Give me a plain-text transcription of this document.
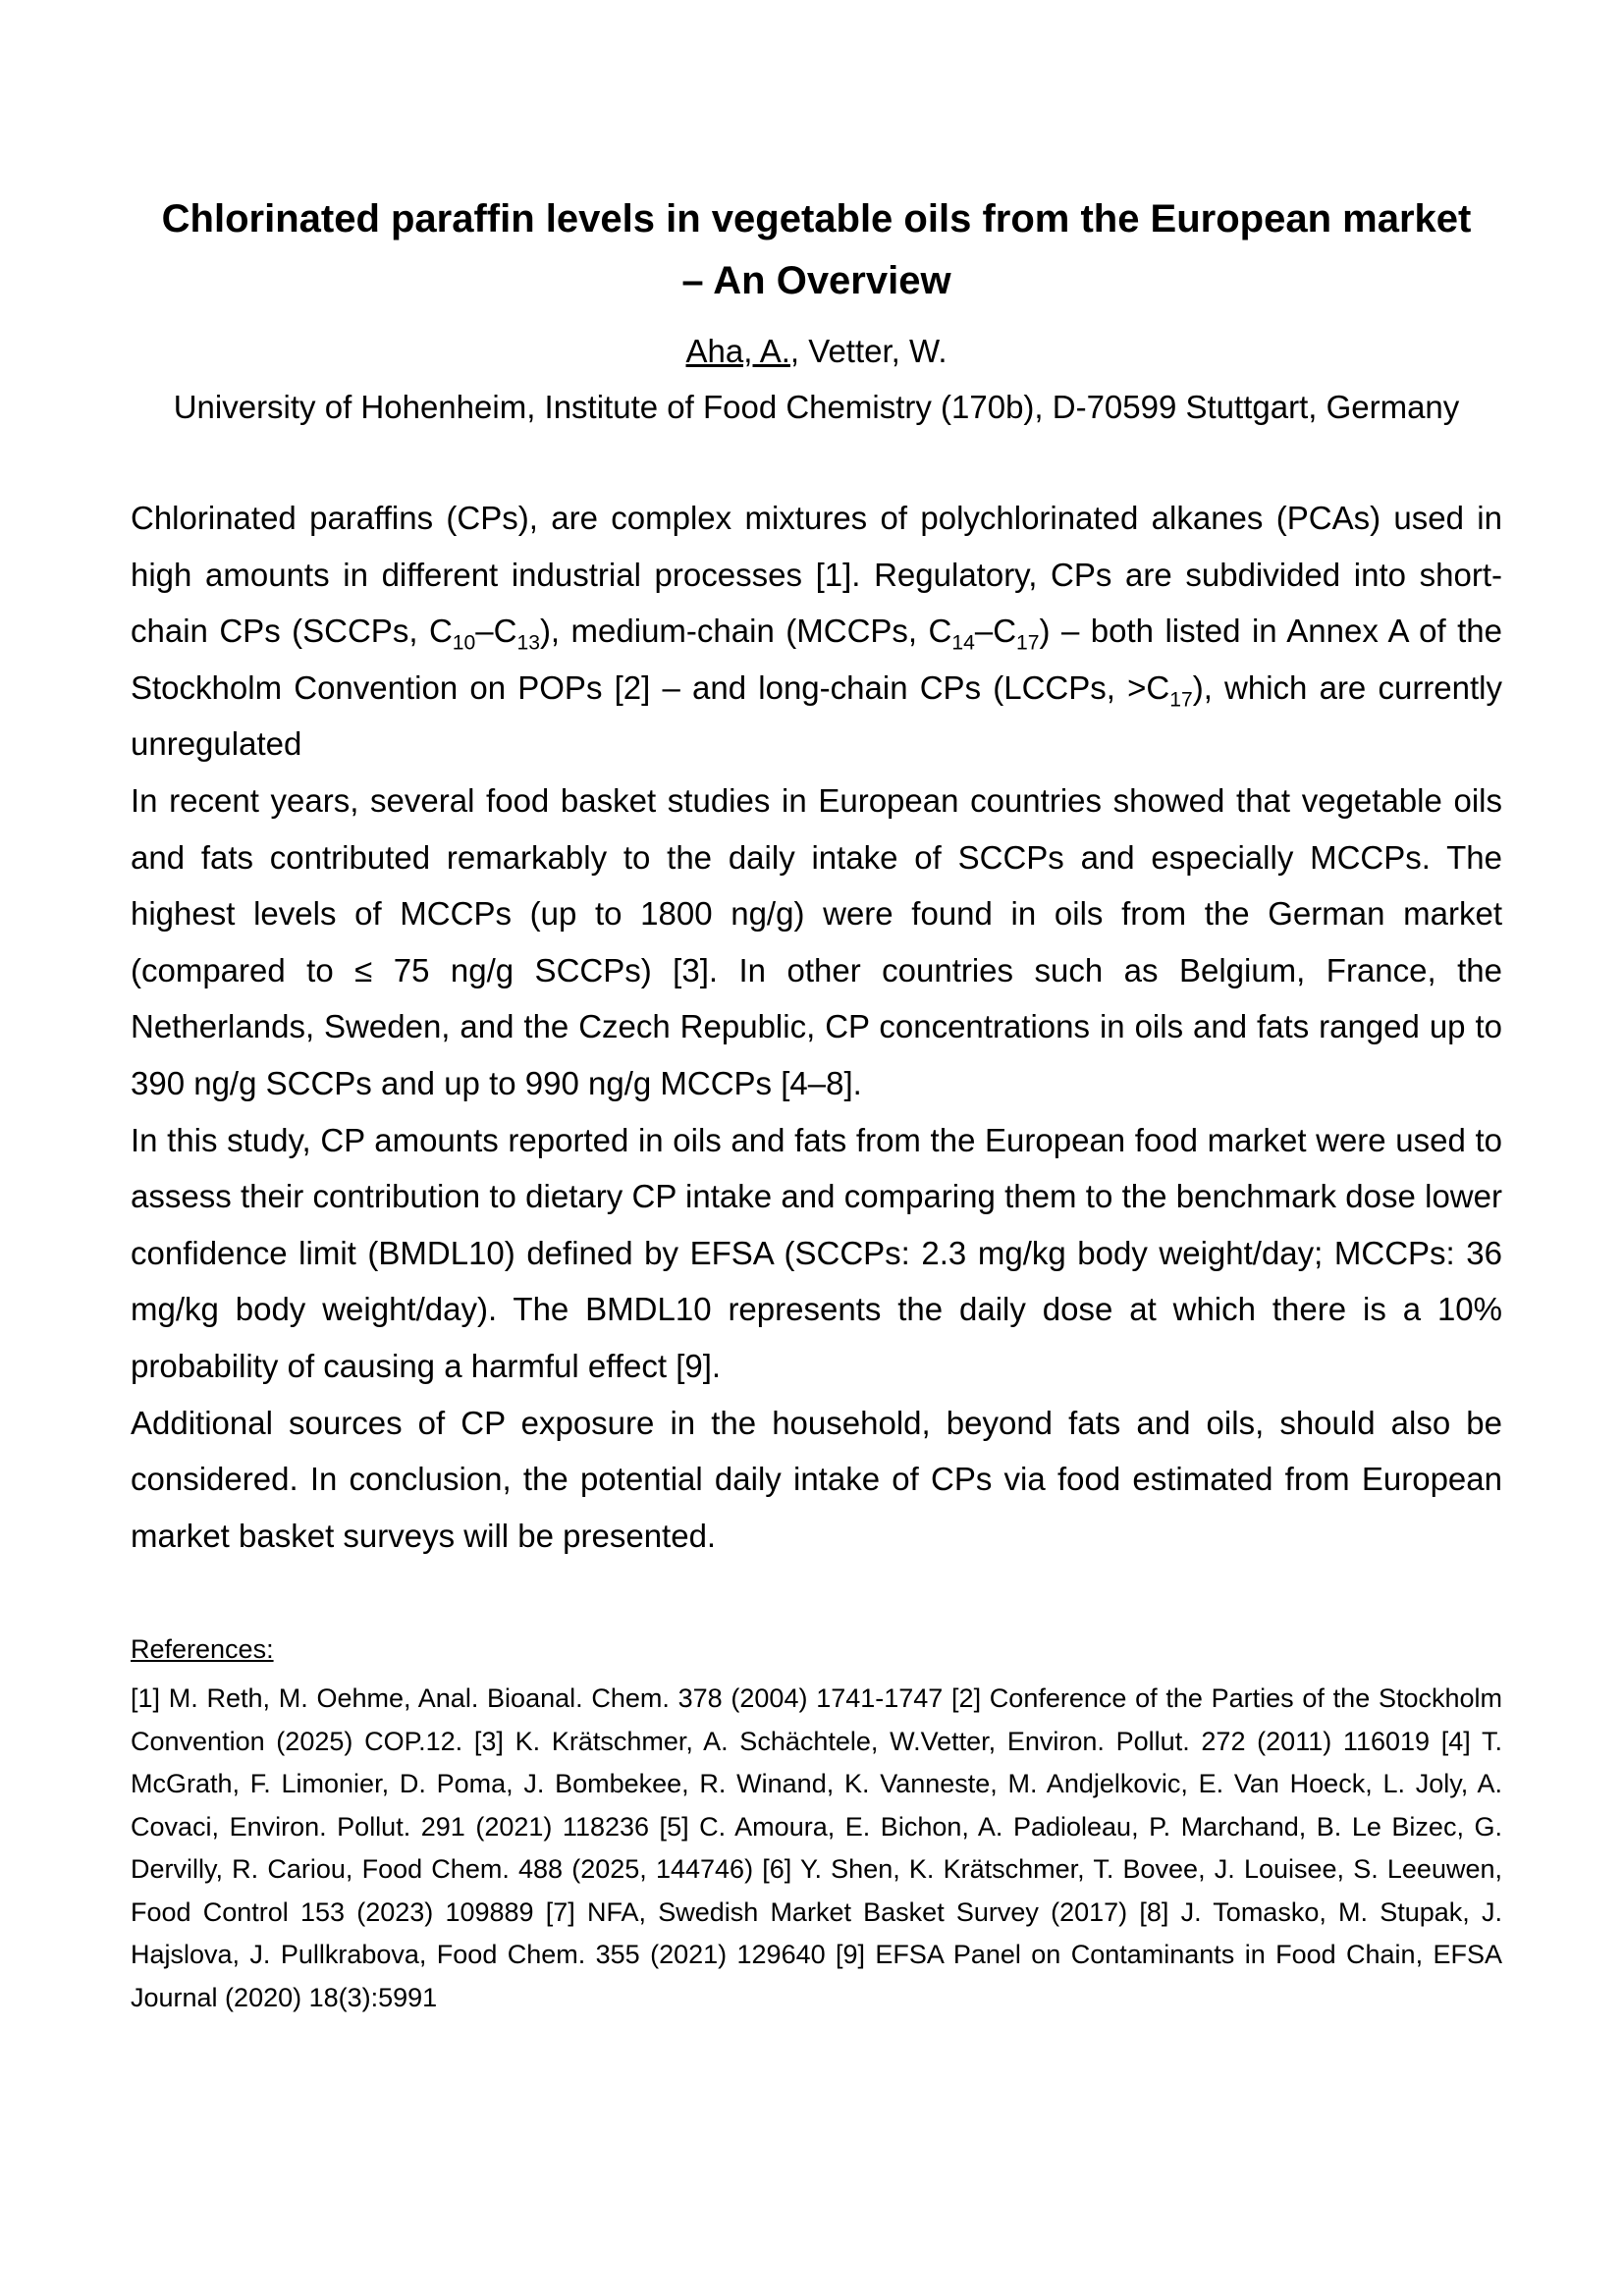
Chlorinated paraffin levels in vegetable oils from the European market
– An Overview
Aha, A., Vetter, W.
University of Hohenheim, Institute of Food Chemistry (170b), D-70599 Stuttgart, Germany

Chlorinated paraffins (CPs), are complex mixtures of polychlorinated alkanes (PCAs) used in high amounts in different industrial processes [1]. Regulatory, CPs are subdivided into short-chain CPs (SCCPs, $C_{10}-C_{13}$), medium-chain (MCCPs, $C_{14}-C_{17}$) – both listed in Annex A of the Stockholm Convention on POPs [2] – and long-chain CPs (LCCPs, $>C_{17}$), which are currently unregulated

In recent years, several food basket studies in European countries showed that vegetable oils and fats contributed remarkably to the daily intake of SCCPs and especially MCCPs. The highest levels of MCCPs (up to 1800 ng/g) were found in oils from the German market (compared to ≤ 75 ng/g SCCPs) [3]. In other countries such as Belgium, France, the Netherlands, Sweden, and the Czech Republic, CP concentrations in oils and fats ranged up to 390 ng/g SCCPs and up to 990 ng/g MCCPs [4–8].

In this study, CP amounts reported in oils and fats from the European food market were used to assess their contribution to dietary CP intake and comparing them to the benchmark dose lower confidence limit (BMDL10) defined by EFSA (SCCPs: 2.3 mg/kg body weight/day; MCCPs: 36 mg/kg body weight/day). The BMDL10 represents the daily dose at which there is a 10% probability of causing a harmful effect [9].

Additional sources of CP exposure in the household, beyond fats and oils, should also be considered. In conclusion, the potential daily intake of CPs via food estimated from European market basket surveys will be presented.

References:

[1] M. Reth, M. Oehme, Anal. Bioanal. Chem. 378 (2004) 1741-1747 [2] Conference of the Parties of the Stockholm Convention (2025) COP.12. [3] K. Krätschmer, A. Schächtele, W.Vetter, Environ. Pollut. 272 (2011) 116019 [4] T. McGrath, F. Limonier, D. Poma, J. Bombekee, R. Winand, K. Vanneste, M. Andjelkovic, E. Van Hoeck, L. Joly, A. Covaci, Environ. Pollut. 291 (2021) 118236 [5] C. Amoura, E. Bichon, A. Padioleau, P. Marchand, B. Le Bizec, G. Dervilly, R. Cariou, Food Chem. 488 (2025, 144746) [6] Y. Shen, K. Krätschmer, T. Bovee, J. Louisee, S. Leeuwen, Food Control 153 (2023) 109889 [7] NFA, Swedish Market Basket Survey (2017) [8] J. Tomasko, M. Stupak, J. Hajslova, J. Pullkrabova, Food Chem. 355 (2021) 129640 [9] EFSA Panel on Contaminants in Food Chain, EFSA Journal (2020) 18(3):5991
